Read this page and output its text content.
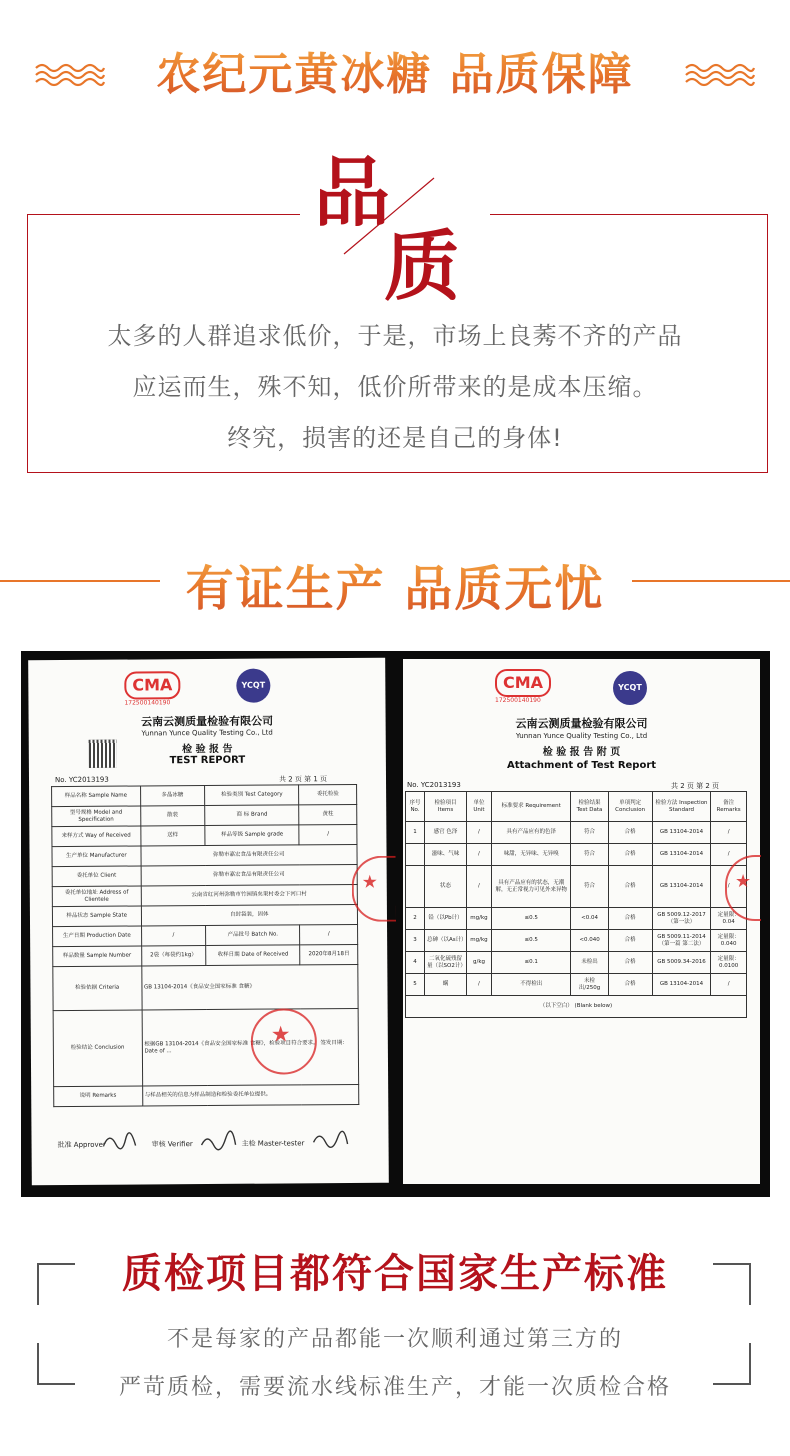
农纪元黄冰糖 品质保障
品
质
太多的人群追求低价，于是，市场上良莠不齐的产品
应运而生，殊不知，低价所带来的是成本压缩。
终究，损害的还是自己的身体!
有证生产 品质无忧
CMA
172500140190
YCQT
云南云测质量检验有限公司
Yunnan Yunce Quality Testing Co., Ltd
检 验 报 告
TEST REPORT
No. YC2013193	共 2 页 第 1 页
样品名称 Sample Name	多晶冰糖	检验类别 Test Category	委托检验
型号规格 Model and Specification	散装	商 标 Brand	黄柱
来样方式 Way of Received	送样	样品等级 Sample grade	/
生产单位 Manufacturer	弥勒市嘉宏食品有限责任公司		
委托单位 Client	弥勒市嘉宏食品有限责任公司		
委托单位地址 Address of Clientele	云南省红河州弥勒市竹园镇矣果村委会下河口村		
样品状态 Sample State	自封袋装，固体		
生产日期 Production Date	/	产品批号 Batch No.	/
样品数量 Sample Number	2袋（每袋约1kg）	收样日期 Date of Received	2020年8月18日
检验依据 Criteria	GB 13104-2014《食品安全国家标准 食糖》		
检验结论 Conclusion	根据GB 13104-2014《食品安全国家标准 食糖》，检验项目符合要求。 签发日期：Date of ...		
说明 Remarks	与样品相关的信息为样品制造和检验委托单位提供。		
★
★
批准 Approver	审核 Verifier	主检 Master-tester
CMA
172500140190
YCQT
云南云测质量检验有限公司
Yunnan Yunce Quality Testing Co., Ltd
检 验 报 告 附 页
Attachment of Test Report
No. YC2013193	共 2 页 第 2 页
序号 No.	检验项目 Items	单位 Unit	标准要求 Requirement	检验结果 Test Data	单项判定 Conclusion	检验方法 Inspection Standard	备注 Remarks
1	感官 色泽	/	具有产品应有的色泽	符合	合格	GB 13104-2014	/
	滋味、气味	/	味甜，无异味、无异嗅	符合	合格	GB 13104-2014	/
	状态	/	具有产品应有的状态，无潮解，无正常视力可见外来异物	符合	合格	GB 13104-2014	/
2	铅（以Pb计）	mg/kg	≤0.5	<0.04	合格	GB 5009.12-2017（第一法）	定量限：0.04
3	总砷（以As计）	mg/kg	≤0.5	<0.040	合格	GB 5009.11-2014（第一篇 第二法）	定量限：0.040
4	二氧化硫残留量（以SO2计）	g/kg	≤0.1	未检出	合格	GB 5009.34-2016	定量限：0.0100
5	螨	/	不得检出	未检出/250g	合格	GB 13104-2014	/
（以下空白） (Blank below)							
★
质检项目都符合国家生产标准
不是每家的产品都能一次顺利通过第三方的
严苛质检，需要流水线标准生产，才能一次质检合格
